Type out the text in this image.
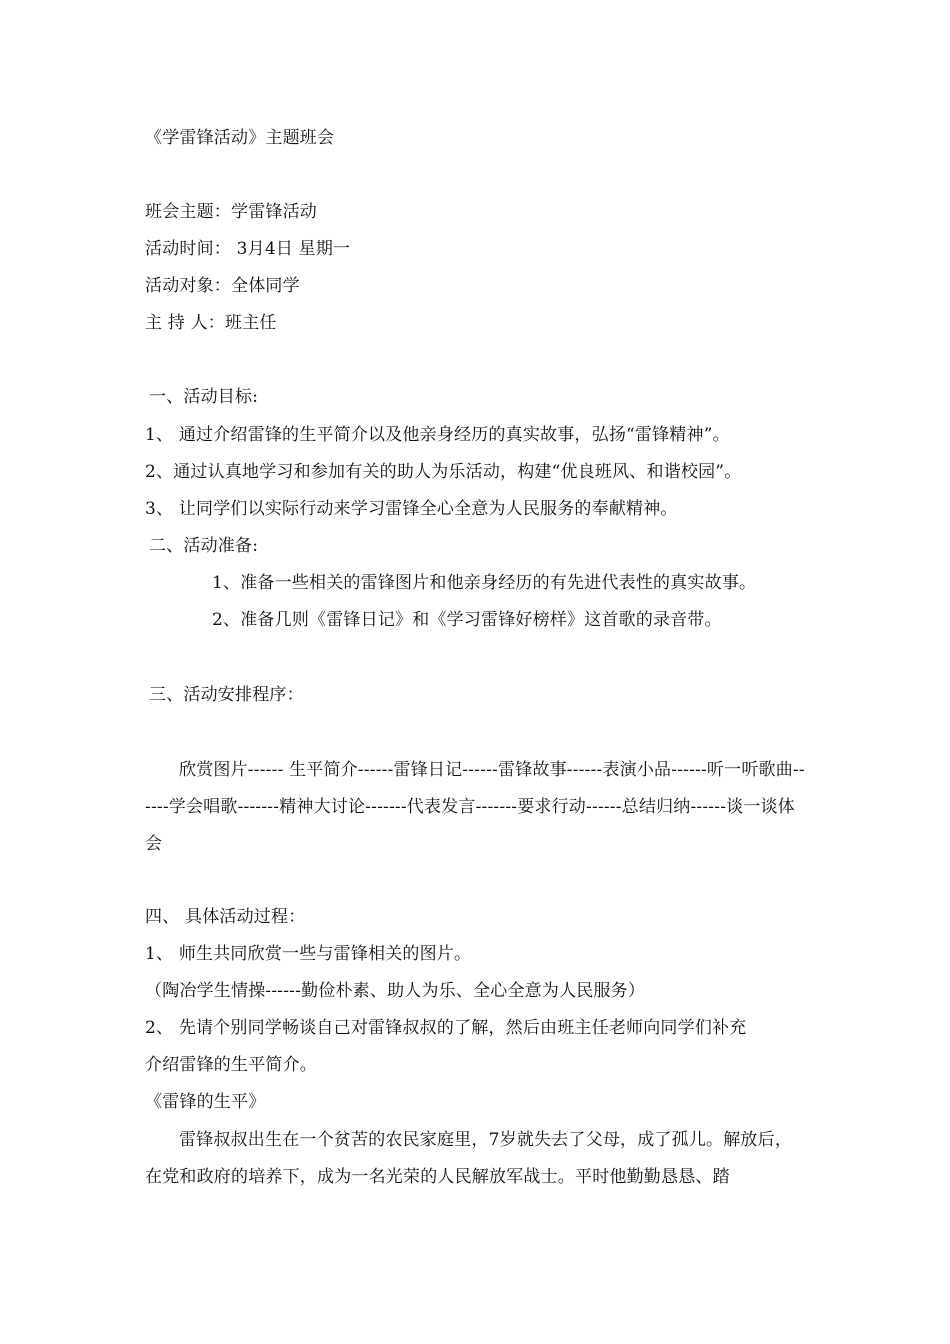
《学雷锋活动》主题班会
班会主题：学雷锋活动
活动时间： 3月4日 星期一
活动对象：全体同学
主 持 人：班主任
一、活动目标:
1、 通过介绍雷锋的生平简介以及他亲身经历的真实故事，弘扬“雷锋精神”。
2、通过认真地学习和参加有关的助人为乐活动，构建“优良班风、和谐校园”。
3、 让同学们以实际行动来学习雷锋全心全意为人民服务的奉献精神。
二、活动准备:
1、准备一些相关的雷锋图片和他亲身经历的有先进代表性的真实故事。
2、准备几则《雷锋日记》和《学习雷锋好榜样》这首歌的录音带。
三、活动安排程序：
欣赏图片------ 生平简介------雷锋日记------雷锋故事------表演小品------听一听歌曲------学会唱歌-------精神大讨论-------代表发言-------要求行动------总结归纳------谈一谈体会
四、 具体活动过程：
1、 师生共同欣赏一些与雷锋相关的图片。
（陶冶学生情操------勤俭朴素、助人为乐、全心全意为人民服务）
2、 先请个别同学畅谈自己对雷锋叔叔的了解，然后由班主任老师向同学们补充
介绍雷锋的生平简介。
《雷锋的生平》
雷锋叔叔出生在一个贫苦的农民家庭里，7岁就失去了父母，成了孤儿。解放后，在党和政府的培养下，成为一名光荣的人民解放军战士。平时他勤勤恳恳、踏
